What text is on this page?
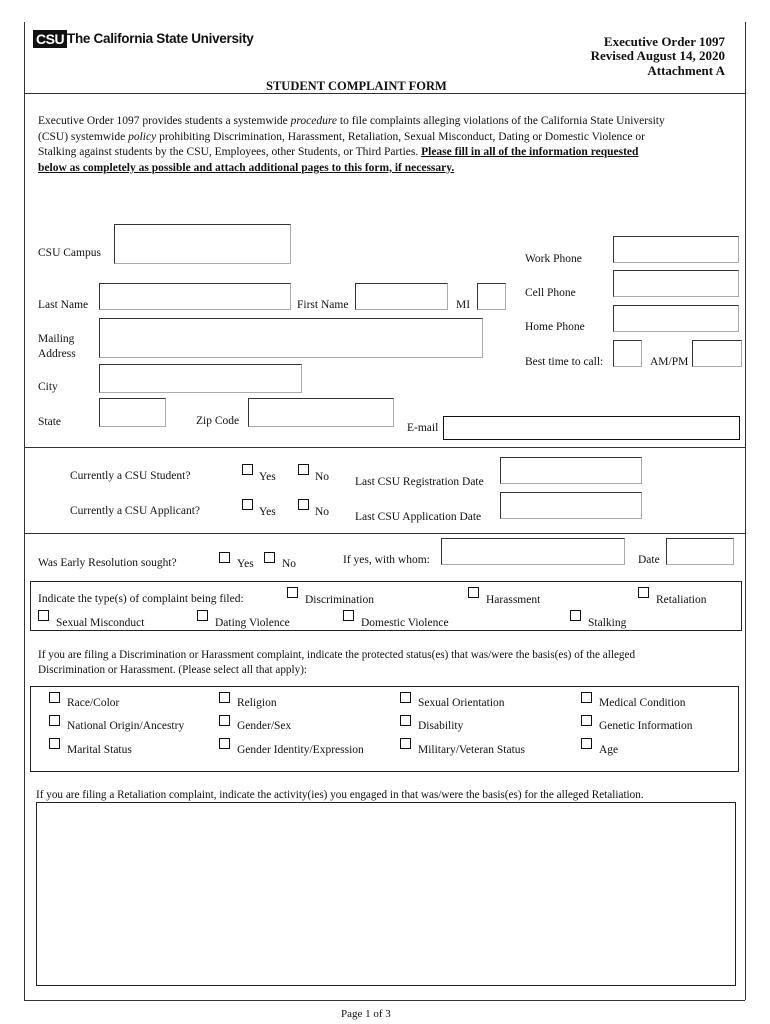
CSU The California State University	Executive Order 1097
Revised August 14, 2020
Attachment A
STUDENT COMPLAINT FORM
Executive Order 1097 provides students a systemwide procedure to file complaints alleging violations of the California State University
(CSU) systemwide policy prohibiting Discrimination, Harassment, Retaliation, Sexual Misconduct, Dating or Domestic Violence or
Stalking against students by the CSU, Employees, other Students, or Third Parties. Please fill in all of the information requested
below as completely as possible and attach additional pages to this form, if necessary.
CSU Campus
Last Name	First Name	MI
Mailing
Address
City
State	Zip Code
E-mail
Work Phone
Cell Phone
Home Phone
Best time to call:	AM/PM
Currently a CSU Student?	Yes	No Last CSU Registration Date
Currently a CSU Applicant?	Yes	No Last CSU Application Date
Was Early Resolution sought?	Yes No	If yes, with whom:	Date
Indicate the type(s) of complaint being filed:	Discrimination	Harassment	Retaliation
Sexual Misconduct	Dating Violence	Domestic Violence	Stalking
If you are filing a Discrimination or Harassment complaint, indicate the protected status(es) that was/were the basis(es) of the alleged
Discrimination or Harassment. (Please select all that apply):
Race/Color	Religion	Sexual Orientation	Medical Condition
National Origin/Ancestry	Gender/Sex	Disability	Genetic Information
Marital Status	Gender Identity/Expression	Military/Veteran Status	Age
If you are filing a Retaliation complaint, indicate the activity(ies) you engaged in that was/were the basis(es) for the alleged Retaliation.
Page 1 of 3
